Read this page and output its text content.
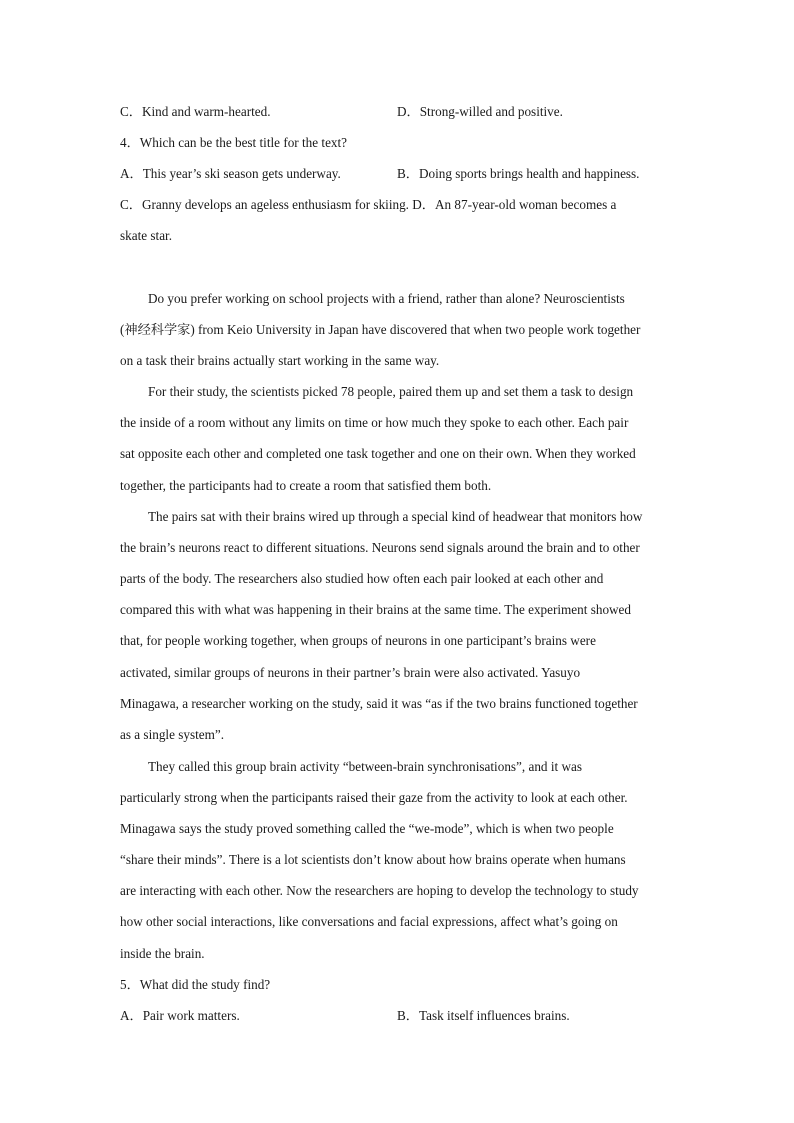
C．Kind and warm-hearted.	D．Strong-willed and positive.
4．Which can be the best title for the text?
A．This year’s ski season gets underway.	B．Doing sports brings health and happiness.
C．Granny develops an ageless enthusiasm for skiing. D．An 87-year-old woman becomes a
skate star.
Do you prefer working on school projects with a friend, rather than alone? Neuroscientists
(神经科学家) from Keio University in Japan have discovered that when two people work together
on a task their brains actually start working in the same way.
For their study, the scientists picked 78 people, paired them up and set them a task to design
the inside of a room without any limits on time or how much they spoke to each other. Each pair
sat opposite each other and completed one task together and one on their own. When they worked
together, the participants had to create a room that satisfied them both.
The pairs sat with their brains wired up through a special kind of headwear that monitors how
the brain’s neurons react to different situations. Neurons send signals around the brain and to other
parts of the body. The researchers also studied how often each pair looked at each other and
compared this with what was happening in their brains at the same time. The experiment showed
that, for people working together, when groups of neurons in one participant’s brains were
activated, similar groups of neurons in their partner’s brain were also activated. Yasuyo
Minagawa, a researcher working on the study, said it was “as if the two brains functioned together
as a single system”.
They called this group brain activity “between-brain synchronisations”, and it was
particularly strong when the participants raised their gaze from the activity to look at each other.
Minagawa says the study proved something called the “we-mode”, which is when two people
“share their minds”. There is a lot scientists don’t know about how brains operate when humans
are interacting with each other. Now the researchers are hoping to develop the technology to study
how other social interactions, like conversations and facial expressions, affect what’s going on
inside the brain.
5．What did the study find?
A．Pair work matters.	B．Task itself influences brains.
